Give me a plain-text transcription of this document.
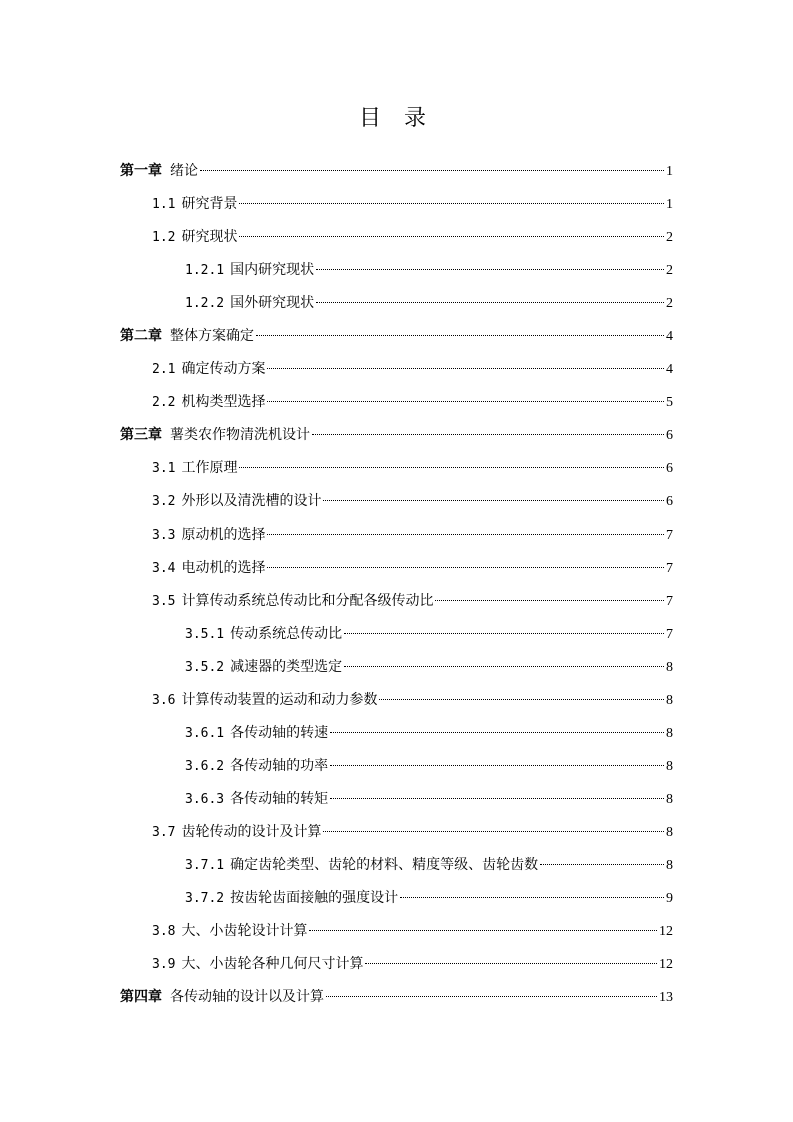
目 录
第一章 绪论	1
1.1 研究背景	1
1.2 研究现状	2
1.2.1 国内研究现状	2
1.2.2 国外研究现状	2
第二章 整体方案确定	4
2.1 确定传动方案	4
2.2 机构类型选择	5
第三章 薯类农作物清洗机设计	6
3.1 工作原理	6
3.2 外形以及清洗槽的设计	6
3.3 原动机的选择	7
3.4 电动机的选择	7
3.5 计算传动系统总传动比和分配各级传动比	7
3.5.1 传动系统总传动比	7
3.5.2 减速器的类型选定	8
3.6 计算传动装置的运动和动力参数	8
3.6.1 各传动轴的转速	8
3.6.2 各传动轴的功率	8
3.6.3 各传动轴的转矩	8
3.7 齿轮传动的设计及计算	8
3.7.1 确定齿轮类型、齿轮的材料、精度等级、齿轮齿数	8
3.7.2 按齿轮齿面接触的强度设计	9
3.8 大、小齿轮设计计算	12
3.9 大、小齿轮各种几何尺寸计算	12
第四章 各传动轴的设计以及计算	13
